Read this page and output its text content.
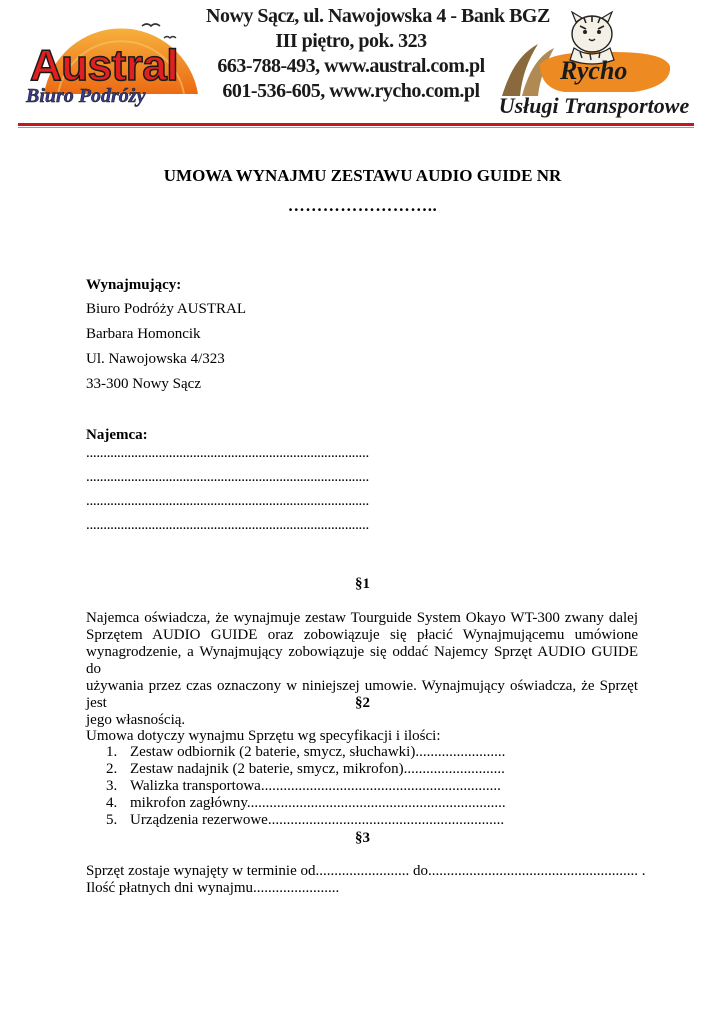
Austral
Biuro Podróży
Nowy Sącz, ul. Nawojowska 4 - Bank BGZ
III piętro, pok. 323
663-788-493, www.austral.com.pl
601-536-605, www.rycho.com.pl
Rycho
Usługi Transportowe
UMOWA WYNAJMU ZESTAWU AUDIO GUIDE NR
……………………..
Wynajmujący:
Biuro Podróży AUSTRAL
Barbara Homoncik
Ul. Nawojowska 4/323
33-300 Nowy Sącz
Najemca:
..................................................................................
..................................................................................
..................................................................................
..................................................................................
§1
Najemca oświadcza, że wynajmuje zestaw Tourguide System Okayo WT-300 zwany dalej
Sprzętem AUDIO GUIDE oraz zobowiązuje się płacić Wynajmującemu umówione
wynagrodzenie, a Wynajmujący zobowiązuje się oddać Najemcy Sprzęt AUDIO GUIDE do
używania przez czas oznaczony w niniejszej umowie. Wynajmujący oświadcza, że Sprzęt jest
jego własnością.
§2
Umowa dotyczy wynajmu Sprzętu wg specyfikacji i ilości:
1. Zestaw odbiornik (2 baterie, smycz, słuchawki)........................
2. Zestaw nadajnik (2 baterie, smycz, mikrofon)...........................
3. Walizka transportowa................................................................
4. mikrofon zagłówny.....................................................................
5. Urządzenia rezerwowe...............................................................
§3
Sprzęt zostaje wynajęty w terminie od......................... do........................................................ .
Ilość płatnych dni wynajmu.......................
